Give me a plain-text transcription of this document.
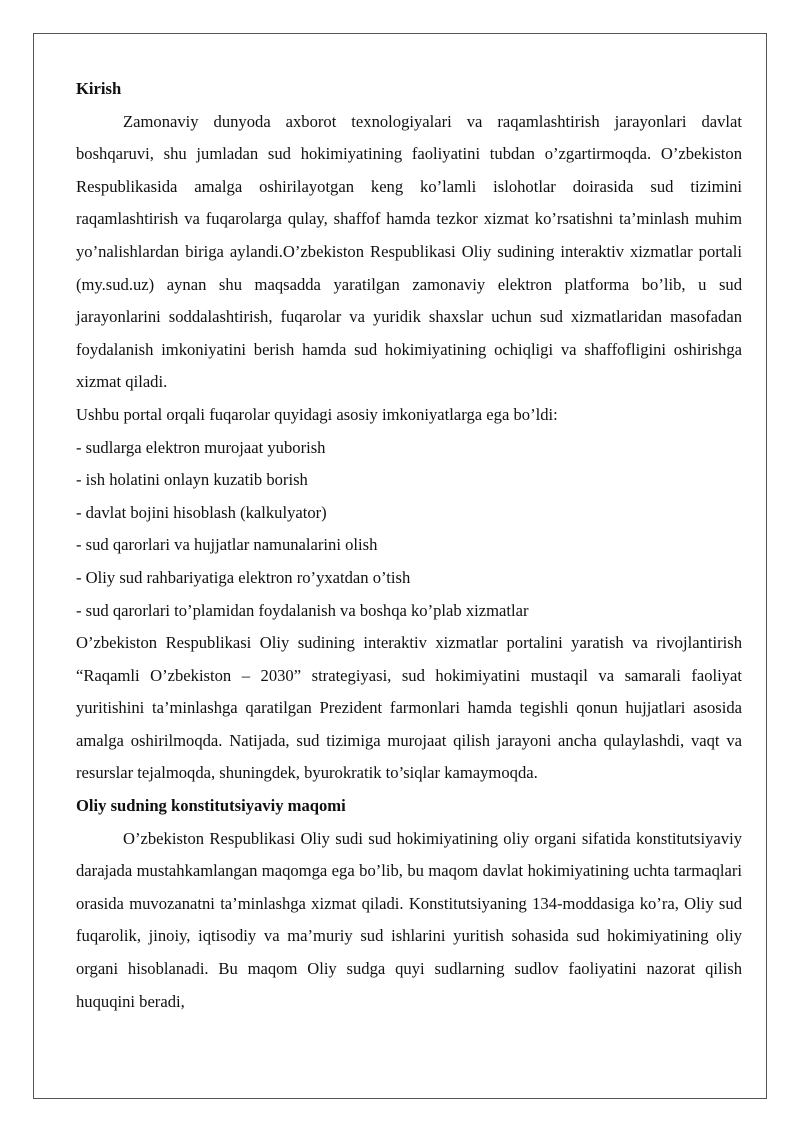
Kirish

Zamonaviy dunyoda axborot texnologiyalari va raqamlashtirish jarayonlari davlat boshqaruvi, shu jumladan sud hokimiyatining faoliyatini tubdan o’zgartirmoqda. O’zbekiston Respublikasida amalga oshirilayotgan keng ko’lamli islohotlar doirasida sud tizimini raqamlashtirish va fuqarolarga qulay, shaffof hamda tezkor xizmat ko’rsatishni ta’minlash muhim yo’nalishlardan biriga aylandi.O’zbekiston Respublikasi Oliy sudining interaktiv xizmatlar portali (my.sud.uz) aynan shu maqsadda yaratilgan zamonaviy elektron platforma bo’lib, u sud jarayonlarini soddalashtirish, fuqarolar va yuridik shaxslar uchun sud xizmatlaridan masofadan foydalanish imkoniyatini berish hamda sud hokimiyatining ochiqligi va shaffofligini oshirishga xizmat qiladi.

Ushbu portal orqali fuqarolar quyidagi asosiy imkoniyatlarga ega bo’ldi:

- sudlarga elektron murojaat yuborish
- ish holatini onlayn kuzatib borish
- davlat bojini hisoblash (kalkulyator)
- sud qarorlari va hujjatlar namunalarini olish
- Oliy sud rahbariyatiga elektron ro’yxatdan o’tish
- sud qarorlari to’plamidan foydalanish va boshqa ko’plab xizmatlar

O’zbekiston Respublikasi Oliy sudining interaktiv xizmatlar portalini yaratish va rivojlantirish “Raqamli O’zbekiston – 2030” strategiyasi, sud hokimiyatini mustaqil va samarali faoliyat yuritishini ta’minlashga qaratilgan Prezident farmonlari hamda tegishli qonun hujjatlari asosida amalga oshirilmoqda. Natijada, sud tizimiga murojaat qilish jarayoni ancha qulaylashdi, vaqt va resurslar tejalmoqda, shuningdek, byurokratik to’siqlar kamaymoqda.

Oliy sudning konstitutsiyaviy maqomi

O’zbekiston Respublikasi Oliy sudi sud hokimiyatining oliy organi sifatida konstitutsiyaviy darajada mustahkamlangan maqomga ega bo’lib, bu maqom davlat hokimiyatining uchta tarmaqlari orasida muvozanatni ta’minlashga xizmat qiladi. Konstitutsiyaning 134-moddasiga ko’ra, Oliy sud fuqarolik, jinoiy, iqtisodiy va ma’muriy sud ishlarini yuritish sohasida sud hokimiyatining oliy organi hisoblanadi. Bu maqom Oliy sudga quyi sudlarning sudlov faoliyatini nazorat qilish huquqini beradi,
